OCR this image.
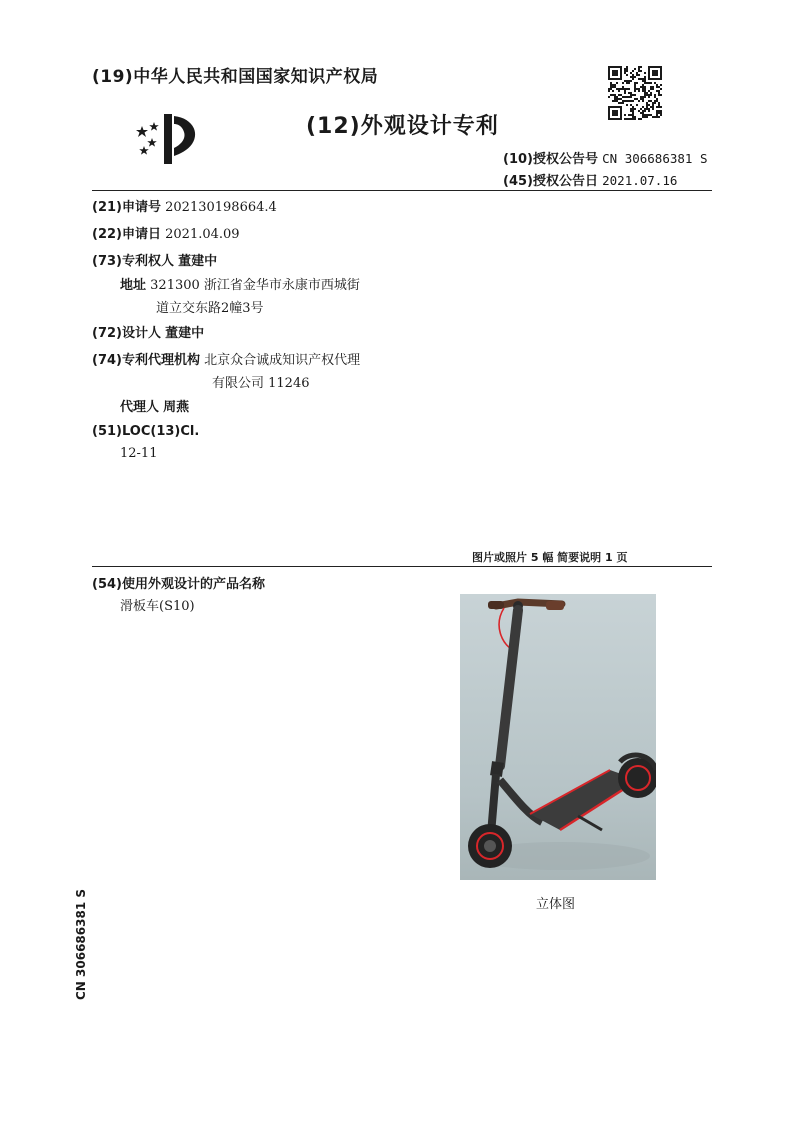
(19)中华人民共和国国家知识产权局
(12)外观设计专利
(10)授权公告号 CN 306686381 S
(45)授权公告日 2021.07.16
(21)申请号 202130198664.4
(22)申请日 2021.04.09
(73)专利权人 董建中
地址 321300 浙江省金华市永康市西城街
道立交东路2幢3号
(72)设计人 董建中
(74)专利代理机构 北京众合诚成知识产权代理
有限公司 11246
代理人 周燕
(51)LOC(13)Cl.
12-11
图片或照片 5 幅 简要说明 1 页
(54)使用外观设计的产品名称
滑板车(S10)
立体图
CN 306686381 S
